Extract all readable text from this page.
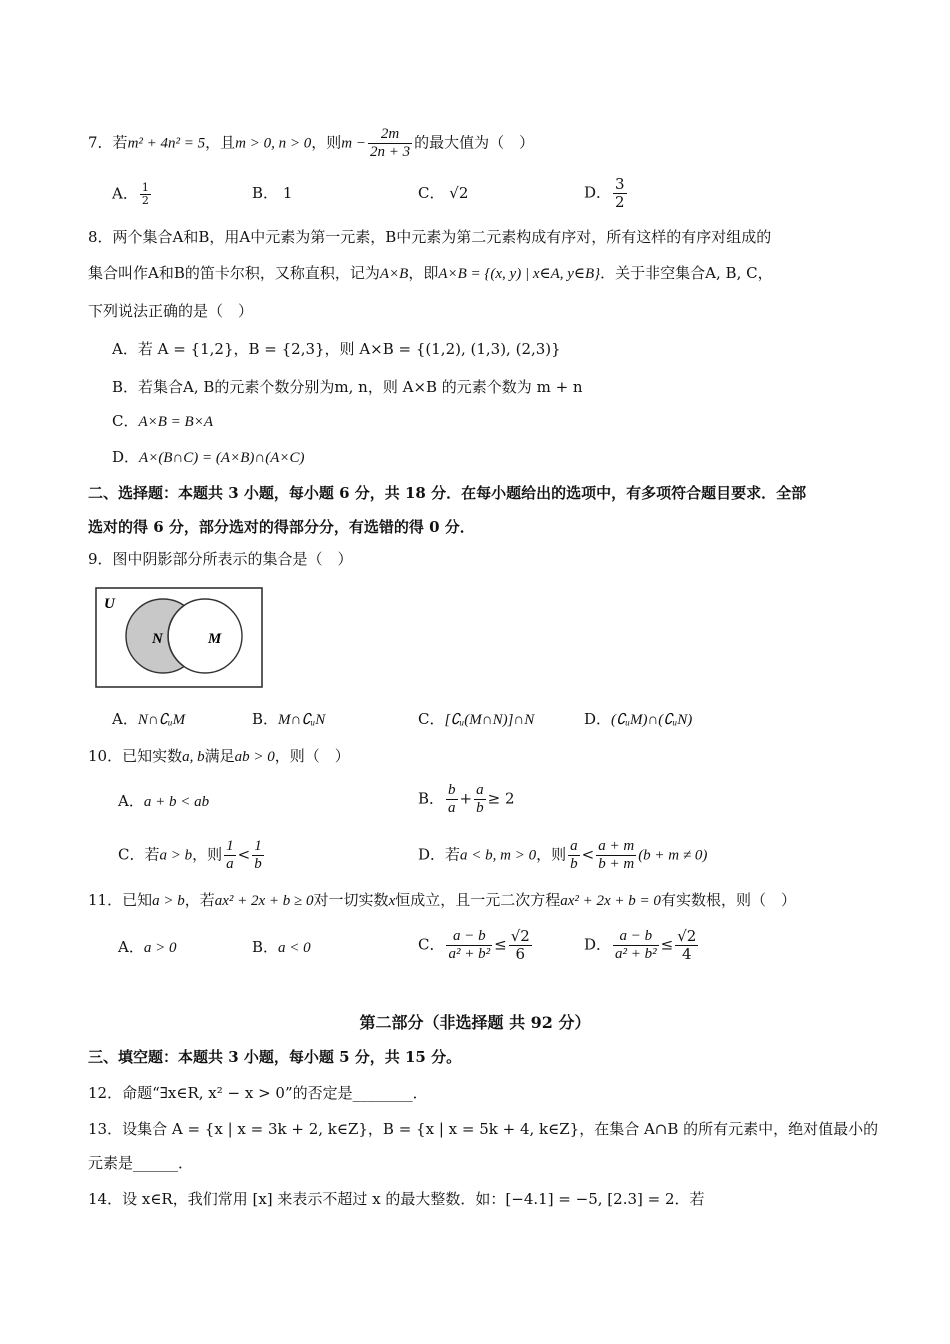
7．若m² + 4n² = 5，且m > 0, n > 0，则$m - \frac{2m}{2n + 3}$ 的最大值为（　）
A． $\frac{1}{2}$	B． 1	C． √2	D． $\frac{3}{2}$
8．两个集合A和B，用A中元素为第一元素，B中元素为第二元素构成有序对，所有这样的有序对组成的
集合叫作A和B的笛卡尔积，又称直积，记为A×B，即A×B = {(x, y) | x∈A, y∈B}．关于非空集合A, B, C，
下列说法正确的是（　）
A．若 A = {1,2}，B = {2,3}，则 A×B = {(1,2), (1,3), (2,3)}
B．若集合A, B的元素个数分别为m, n，则 A×B 的元素个数为 m + n
C．A×B = B×A
D．A×(B∩C) = (A×B)∩(A×C)
二、选择题：本题共 3 小题，每小题 6 分，共 18 分．在每小题给出的选项中，有多项符合题目要求．全部
选对的得 6 分，部分选对的得部分分，有选错的得 0 分．
9．图中阴影部分所表示的集合是（　）
U
N	M
A．N∩∁ᵤM	B．M∩∁ᵤN	C．[∁ᵤ(M∩N)]∩N	D．(∁ᵤM)∩(∁ᵤN)
10．已知实数a, b满足ab > 0，则（　）
A．a + b < ab	B． $\frac{b}{a} + \frac{a}{b} \ge 2$
C．若a > b，则 $\frac{1}{a} < \frac{1}{b}$	D．若a < b, m > 0，则 $\frac{a}{b} < \frac{a + m}{b + m} (b + m \ne 0)$
11．已知a > b，若ax² + 2x + b ≥ 0对一切实数x恒成立，且一元二次方程ax² + 2x + b = 0有实数根，则（　）
A．a > 0	B．a < 0	C． $\frac{a - b}{\text{a² + b²}} \le \frac{√2}{6}$	D． $\frac{a - b}{\text{a² + b²}} \le \frac{√2}{4}$
第二部分（非选择题 共 92 分）
三、填空题：本题共 3 小题，每小题 5 分，共 15 分。
12．命题“∃x∈R, x² − x > 0”的否定是________．
13．设集合 A = {x | x = 3k + 2, k∈Z}，B = {x | x = 5k + 4, k∈Z}，在集合 A∩B 的所有元素中，绝对值最小的
元素是______．
14．设 x∈R，我们常用 [x] 来表示不超过 x 的最大整数．如：[−4.1] = −5, [2.3] = 2．若
